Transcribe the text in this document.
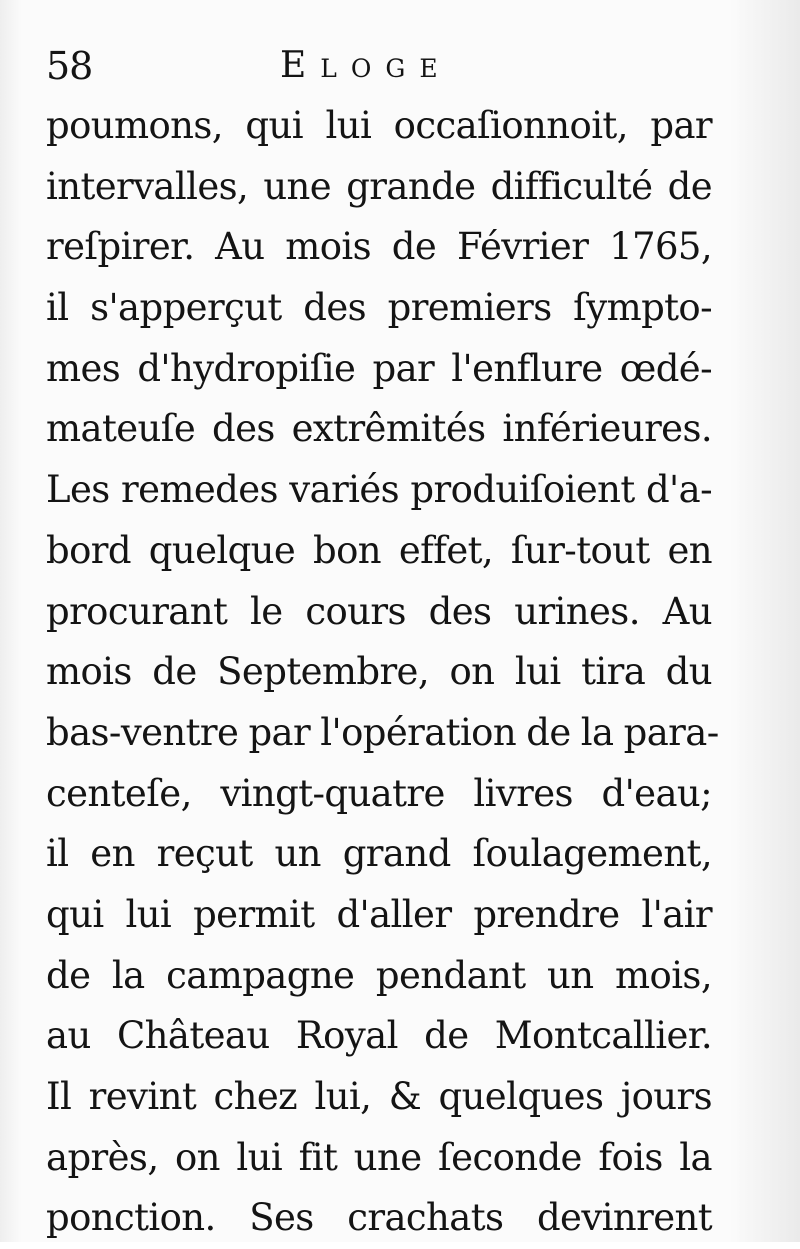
58	Eloge
poumons, qui lui occaſionnoit, par
intervalles, une grande difficulté de
reſpirer. Au mois de Février 1765,
il s'apperçut des premiers ſympto-
mes d'hydropiſie par l'enflure œdé-
mateuſe des extrêmités inférieures.
Les remedes variés produiſoient d'a-
bord quelque bon effet, ſur-tout en
procurant le cours des urines. Au
mois de Septembre, on lui tira du
bas-ventre par l'opération de la para-
centeſe, vingt-quatre livres d'eau;
il en reçut un grand ſoulagement,
qui lui permit d'aller prendre l'air
de la campagne pendant un mois,
au Château Royal de Montcallier.
Il revint chez lui, & quelques jours
après, on lui fit une ſeconde fois la
ponction. Ses crachats devinrent
